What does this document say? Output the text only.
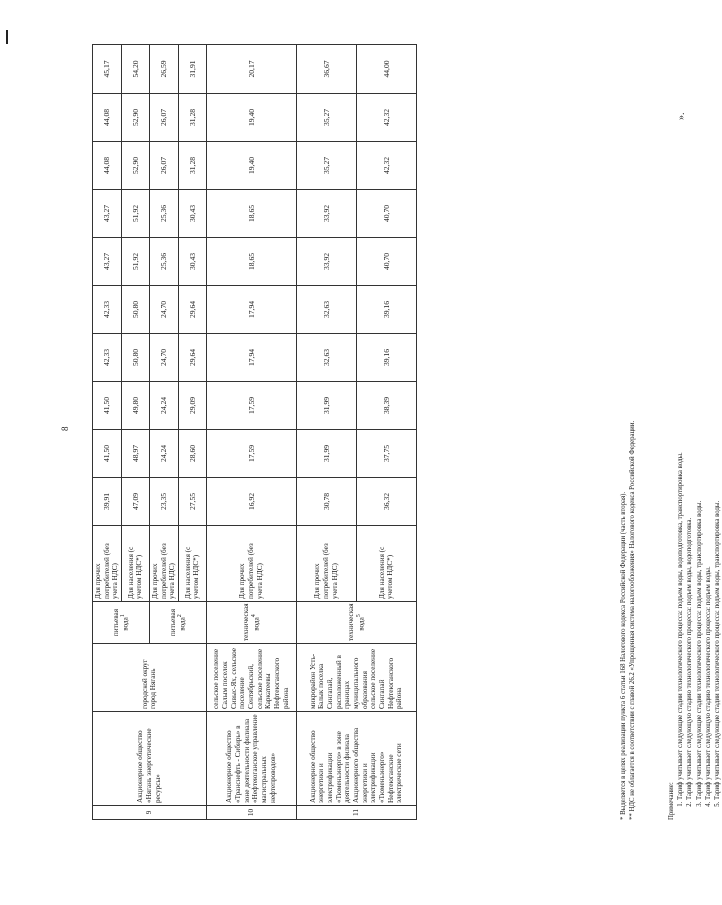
8
9	Акционерное общество «Нягань энергетические ресурсы»	городской округ город Нягань	питьевая вода$^1$	Для прочих потребителей (без учета НДС)	39,91	41,50	41,50	42,33	42,33	43,27	43,27	44,08	44,08	45,17
				Для населения (с учетом НДС*)	47,09	48,97	49,80	50,80	50,80	51,92	51,92	52,90	52,90	54,20
			питьевая вода$^2$	Для прочих потребителей (без учета НДС)	23,35	24,24	24,24	24,70	24,70	25,36	25,36	26,07	26,07	26,59
				Для населения (с учетом НДС*)	27,55	28,60	29,09	29,64	29,64	30,43	30,43	31,28	31,28	31,91
10	Акционерное общество «Транснефть - Сибирь» в зоне деятельности филиала «Нефтеюганское управление магистральных нефтепроводов»	сельское поселение Салым поселок Сивыс-Ях, сельское поселение Сентябрьский, сельское поселение Каркатеевы Нефтеюганского района	техническая вода$^4$	Для прочих потребителей (без учета НДС)	16,92	17,59	17,59	17,94	17,94	18,65	18,65	19,40	19,40	20,17
11	Акционерное общество энергетики и электрификации «Тюменьэнерго» в зоне деятельности филиала Акционерного общества энергетики и электрификации «Тюменьэнерго» Нефтеюганские электрические сети	микрорайон Усть-Балык поселка Сингапай, расположенный в границах муниципального образования сельское поселение Сингапай Нефтеюганского района	техническая вода$^5$	Для прочих потребителей (без учета НДС)	30,78	31,99	31,99	32,63	32,63	33,92	33,92	35,27	35,27	36,67
				Для населения (с учетом НДС*)	36,32	37,75	38,39	39,16	39,16	40,70	40,70	42,32	42,32	44,00
* Выделяется в целях реализации пункта 6 статьи 168 Налогового кодекса Российской Федерации (часть вторая). ** НДС не облагается в соответствии с главой 26.2 «Упрощенная система налогообложения» Налогового кодекса Российской Федерации.	Примечание:
1. Тариф учитывает следующие стадии технологического процесса: подъем воды, водоподготовка, транспортировка воды. 2. Тариф учитывает следующую стадию технологического процесса: подъем воды, водоподготовка. 3. Тариф учитывает следующие стадии технологического процесса: подъем воды, транспортировка воды. 4. Тариф учитывает следующую стадию технологического процесса: подъем воды. 5. Тариф учитывает следующие стадии технологического процесса: подъем воды, транспортировка воды.
».
